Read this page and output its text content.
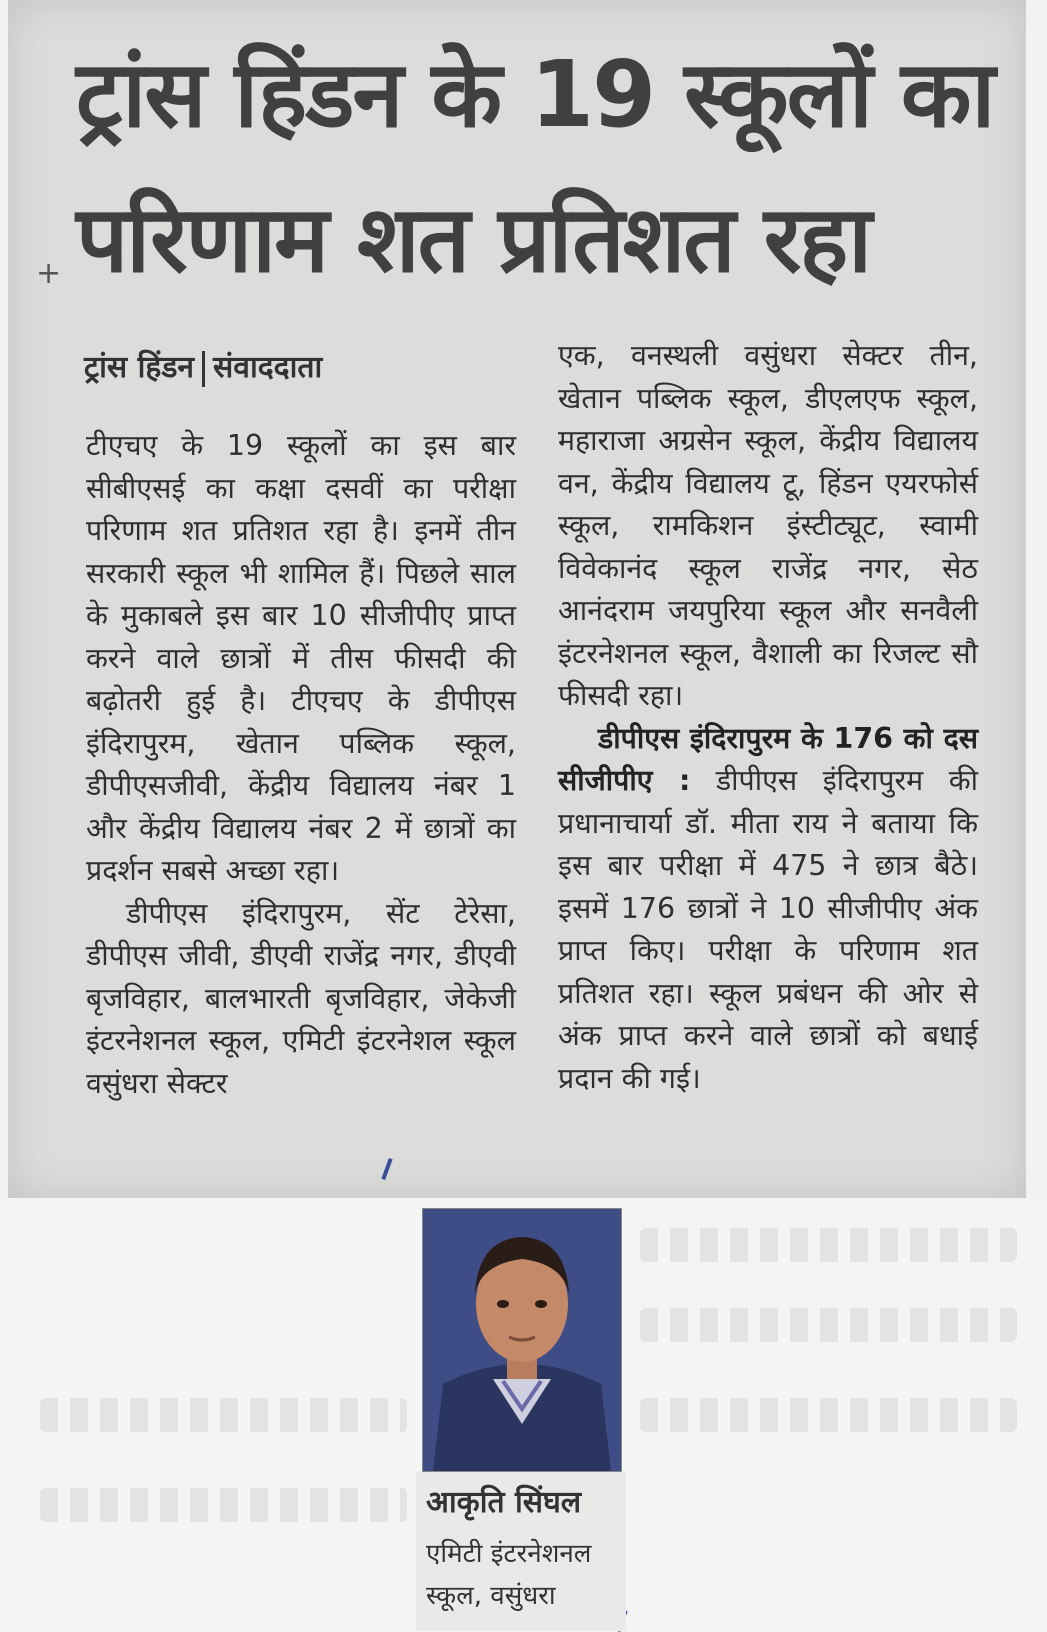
ट्रांस हिंडन के 19 स्कूलों का
परिणाम शत प्रतिशत रहा
+
ट्रांस हिंडन संवाददाता

टीएचए के 19 स्कूलों का इस बार सीबीएसई का कक्षा दसवीं का परीक्षा परिणाम शत प्रतिशत रहा है। इनमें तीन सरकारी स्कूल भी शामिल हैं। पिछले साल के मुकाबले इस बार 10 सीजीपीए प्राप्त करने वाले छात्रों में तीस फीसदी की बढ़ोतरी हुई है। टीएचए के डीपीएस इंदिरापुरम, खेतान पब्लिक स्कूल, डीपीएसजीवी, केंद्रीय विद्यालय नंबर 1 और केंद्रीय विद्यालय नंबर 2 में छात्रों का प्रदर्शन सबसे अच्छा रहा।

डीपीएस इंदिरापुरम, सेंट टेरेसा, डीपीएस जीवी, डीएवी राजेंद्र नगर, डीएवी बृजविहार, बालभारती बृजविहार, जेकेजी इंटरनेशनल स्कूल, एमिटी इंटरनेशल स्कूल वसुंधरा सेक्टर

एक, वनस्थली वसुंधरा सेक्टर तीन, खेतान पब्लिक स्कूल, डीएलएफ स्कूल, महाराजा अग्रसेन स्कूल, केंद्रीय विद्यालय वन, केंद्रीय विद्यालय टू, हिंडन एयरफोर्स स्कूल, रामकिशन इंस्टीट्यूट, स्वामी विवेकानंद स्कूल राजेंद्र नगर, सेठ आनंदराम जयपुरिया स्कूल और सनवैली इंटरनेशनल स्कूल, वैशाली का रिजल्ट सौ फीसदी रहा।

डीपीएस इंदिरापुरम के 176 को दस सीजीपीए : डीपीएस इंदिरापुरम की प्रधानाचार्या डॉ. मीता राय ने बताया कि इस बार परीक्षा में 475 ने छात्र बैठे। इसमें 176 छात्रों ने 10 सीजीपीए अंक प्राप्त किए। परीक्षा के परिणाम शत प्रतिशत रहा। स्कूल प्रबंधन की ओर से अंक प्राप्त करने वाले छात्रों को बधाई प्रदान की गई।

आकृति सिंघल
एमिटी इंटरनेशनल
स्कूल, वसुंधरा
